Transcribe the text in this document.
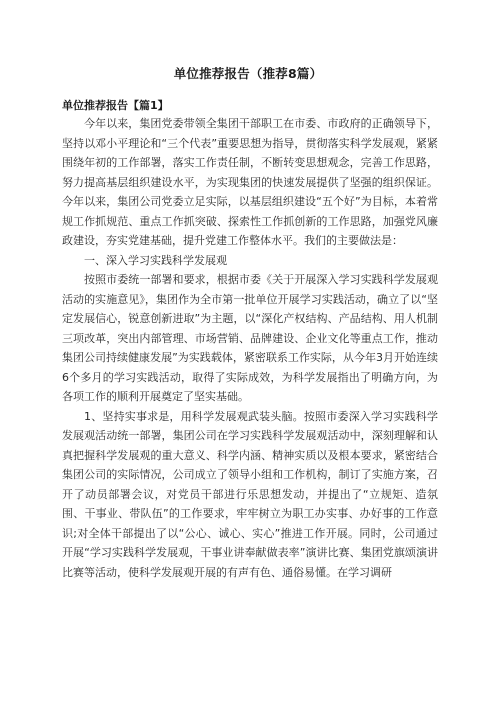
单位推荐报告（推荐8篇）
单位推荐报告【篇1】

今年以来，集团党委带领全集团干部职工在市委、市政府的正确领导下，坚持以邓小平理论和“三个代表”重要思想为指导，贯彻落实科学发展观，紧紧围绕年初的工作部署，落实工作责任制，不断转变思想观念，完善工作思路，努力提高基层组织建设水平，为实现集团的快速发展提供了坚强的组织保证。今年以来，集团公司党委立足实际，以基层组织建设“五个好”为目标，本着常规工作抓规范、重点工作抓突破、探索性工作抓创新的工作思路，加强党风廉政建设，夯实党建基础，提升党建工作整体水平。我们的主要做法是：

一、深入学习实践科学发展观

按照市委统一部署和要求，根据市委《关于开展深入学习实践科学发展观活动的实施意见》，集团作为全市第一批单位开展学习实践活动，确立了以“坚定发展信心，锐意创新进取”为主题，以“深化产权结构、产品结构、用人机制三项改革，突出内部管理、市场营销、品牌建设、企业文化等重点工作，推动集团公司持续健康发展”为实践载体，紧密联系工作实际，从今年3月开始连续6个多月的学习实践活动，取得了实际成效，为科学发展指出了明确方向，为各项工作的顺利开展奠定了坚实基础。

1、坚持实事求是，用科学发展观武装头脑。按照市委深入学习实践科学发展观活动统一部署，集团公司在学习实践科学发展观活动中，深刻理解和认真把握科学发展观的重大意义、科学内涵、精神实质以及根本要求，紧密结合集团公司的实际情况，公司成立了领导小组和工作机构，制订了实施方案，召开了动员部署会议，对党员干部进行乐思想发动，并提出了“立规矩、造氛围、干事业、带队伍”的工作要求，牢牢树立为职工办实事、办好事的工作意识;对全体干部提出了以“公心、诚心、实心”推进工作开展。同时，公司通过开展“学习实践科学发展观，干事业讲奉献做表率”演讲比赛、集团党旗颂演讲比赛等活动，使科学发展观开展的有声有色、通俗易懂。在学习调研
